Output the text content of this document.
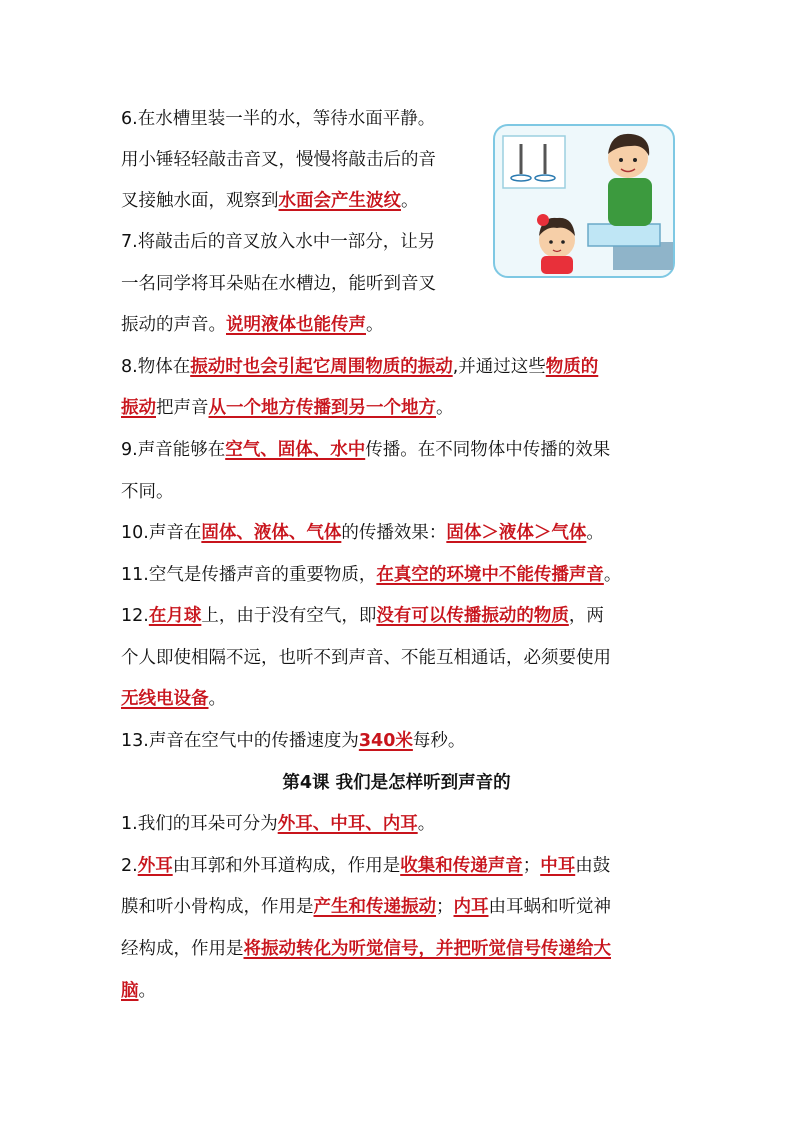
6.在水槽里装一半的水，等待水面平静。
用小锤轻轻敲击音叉，慢慢将敲击后的音
叉接触水面，观察到水面会产生波纹。
7.将敲击后的音叉放入水中一部分，让另
一名同学将耳朵贴在水槽边，能听到音叉
振动的声音。说明液体也能传声。
8.物体在振动时也会引起它周围物质的振动,并通过这些物质的
振动把声音从一个地方传播到另一个地方。
9.声音能够在空气、固体、水中传播。在不同物体中传播的效果
不同。
10.声音在固体、液体、气体的传播效果：固体＞液体＞气体。
11.空气是传播声音的重要物质，在真空的环境中不能传播声音。
12.在月球上，由于没有空气，即没有可以传播振动的物质，两
个人即使相隔不远，也听不到声音、不能互相通话，必须要使用
无线电设备。
13.声音在空气中的传播速度为340米每秒。
第4课 我们是怎样听到声音的
1.我们的耳朵可分为外耳、中耳、内耳。
2.外耳由耳郭和外耳道构成，作用是收集和传递声音；中耳由鼓
膜和听小骨构成，作用是产生和传递振动；内耳由耳蜗和听觉神
经构成，作用是将振动转化为听觉信号，并把听觉信号传递给大
脑。
